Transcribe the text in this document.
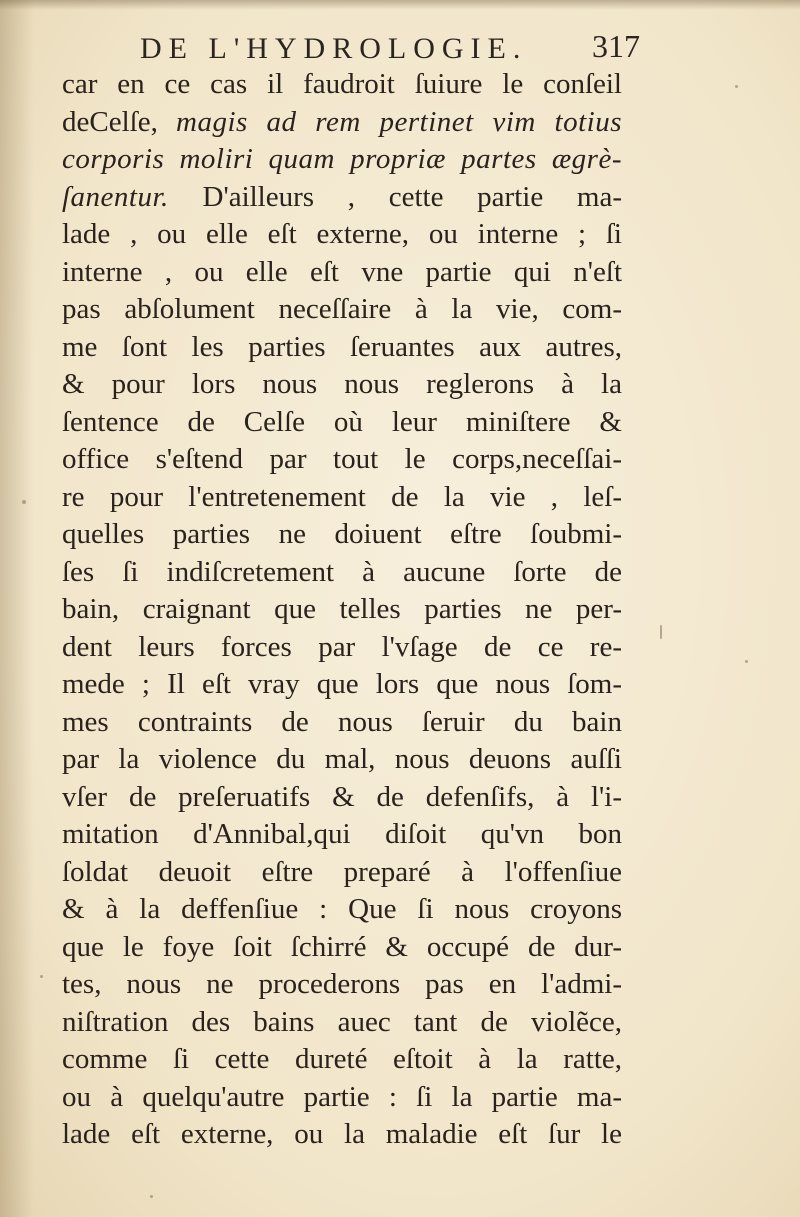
DE L'HYDROLOGIE. 317
car en ce cas il faudroit ſuiure le conſeil
deCelſe, magis ad rem pertinet vim totius
corporis moliri quam propriæ partes ægrè-
ſanentur. D'ailleurs , cette partie ma-
lade , ou elle eſt externe, ou interne ; ſi
interne , ou elle eſt vne partie qui n'eſt
pas abſolument neceſſaire à la vie, com-
me ſont les parties ſeruantes aux autres,
& pour lors nous nous reglerons à la
ſentence de Celſe où leur miniſtere &
office s'eſtend par tout le corps,neceſſai-
re pour l'entretenement de la vie , leſ-
quelles parties ne doiuent eſtre ſoubmi-
ſes ſi indiſcretement à aucune ſorte de
bain, craignant que telles parties ne per-
dent leurs forces par l'vſage de ce re-
mede ; Il eſt vray que lors que nous ſom-
mes contraints de nous ſeruir du bain
par la violence du mal, nous deuons auſſi
vſer de preſeruatifs & de defenſifs, à l'i-
mitation d'Annibal,qui diſoit qu'vn bon
ſoldat deuoit eſtre preparé à l'offenſiue
& à la deffenſiue : Que ſi nous croyons
que le foye ſoit ſchirré & occupé de dur-
tes, nous ne procederons pas en l'admi-
niſtration des bains auec tant de violẽce,
comme ſi cette dureté eſtoit à la ratte,
ou à quelqu'autre partie : ſi la partie ma-
lade eſt externe, ou la maladie eſt ſur le
